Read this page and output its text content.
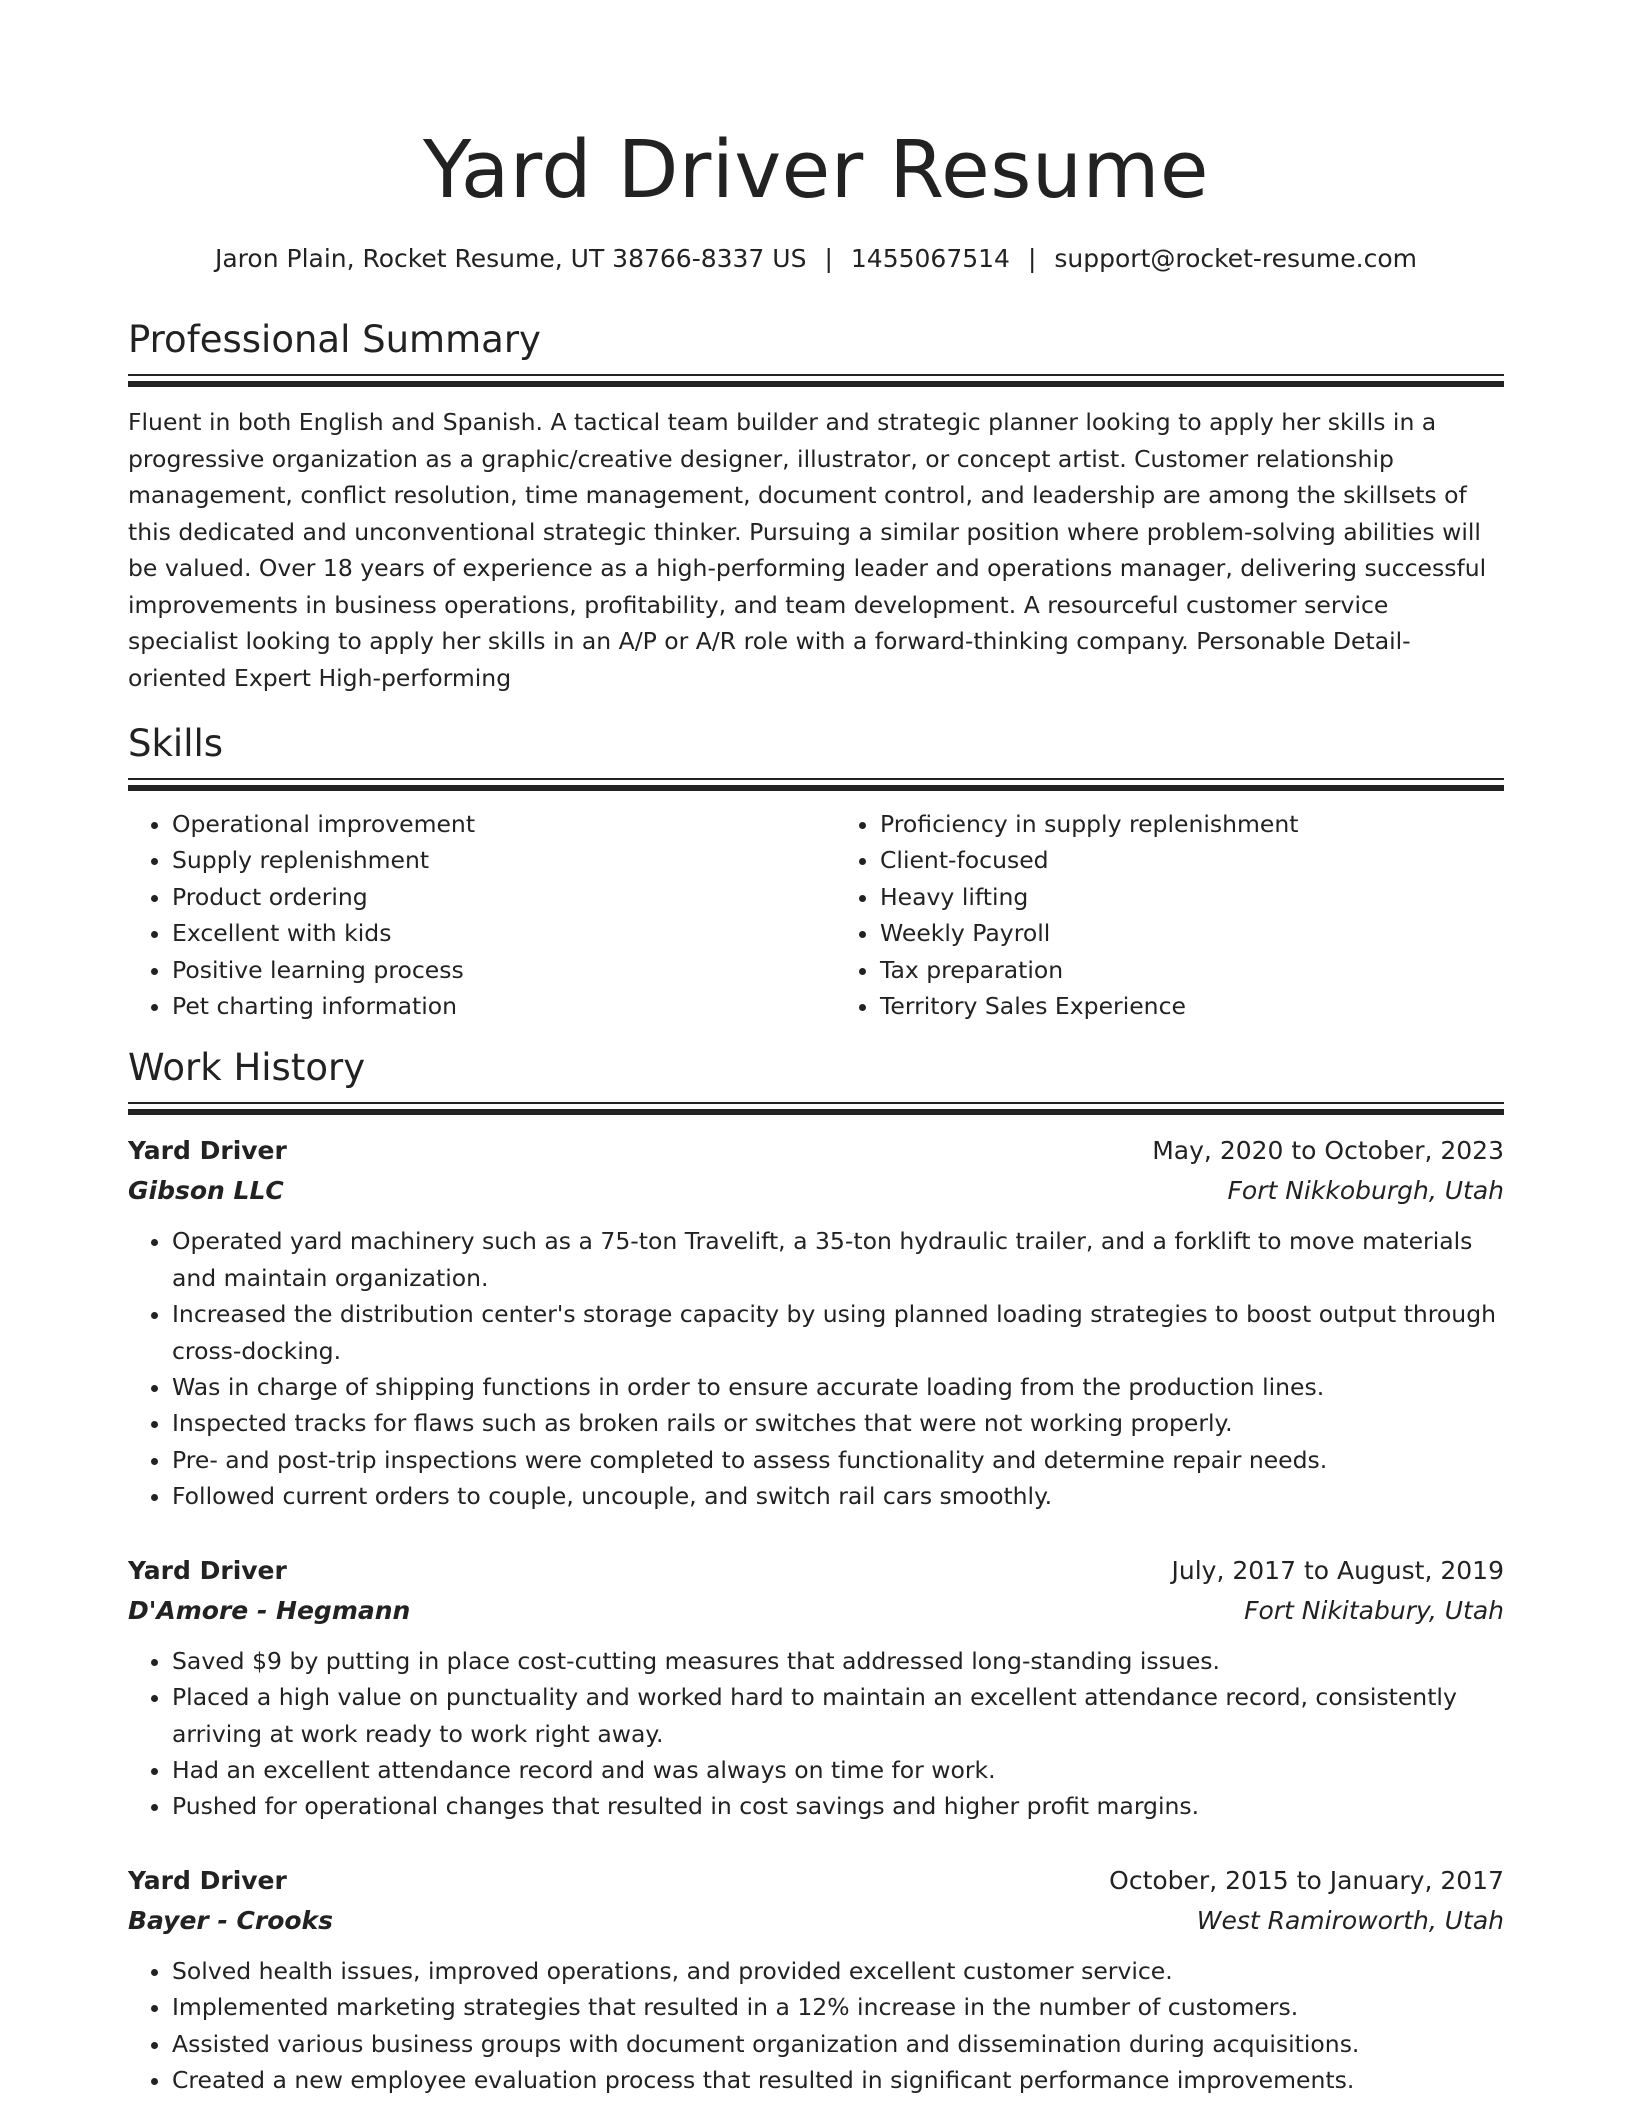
Yard Driver Resume
Jaron Plain, Rocket Resume, UT 38766-8337 US | 1455067514 | support@rocket-resume.com
Professional Summary

Fluent in both English and Spanish. A tactical team builder and strategic planner looking to apply her skills in a progressive organization as a graphic/creative designer, illustrator, or concept artist. Customer relationship management, conflict resolution, time management, document control, and leadership are among the skillsets of this dedicated and unconventional strategic thinker. Pursuing a similar position where problem-solving abilities will be valued. Over 18 years of experience as a high-performing leader and operations manager, delivering successful improvements in business operations, profitability, and team development. A resourceful customer service specialist looking to apply her skills in an A/P or A/R role with a forward-thinking company. Personable Detail-oriented Expert High-performing

Skills
• Operational improvement
• Supply replenishment
• Product ordering
• Excellent with kids
• Positive learning process
• Pet charting information
• Proficiency in supply replenishment
• Client-focused
• Heavy lifting
• Weekly Payroll
• Tax preparation
• Territory Sales Experience
Work History
Yard Driver	May, 2020 to October, 2023
Gibson LLC	Fort Nikkoburgh, Utah
• Operated yard machinery such as a 75-ton Travelift, a 35-ton hydraulic trailer, and a forklift to move materials and maintain organization.
• Increased the distribution center's storage capacity by using planned loading strategies to boost output through cross-docking.
• Was in charge of shipping functions in order to ensure accurate loading from the production lines.
• Inspected tracks for flaws such as broken rails or switches that were not working properly.
• Pre- and post-trip inspections were completed to assess functionality and determine repair needs.
• Followed current orders to couple, uncouple, and switch rail cars smoothly.
Yard Driver	July, 2017 to August, 2019
D'Amore - Hegmann	Fort Nikitabury, Utah
• Saved $9 by putting in place cost-cutting measures that addressed long-standing issues.
• Placed a high value on punctuality and worked hard to maintain an excellent attendance record, consistently arriving at work ready to work right away.
• Had an excellent attendance record and was always on time for work.
• Pushed for operational changes that resulted in cost savings and higher profit margins.
Yard Driver	October, 2015 to January, 2017
Bayer - Crooks	West Ramiroworth, Utah
• Solved health issues, improved operations, and provided excellent customer service.
• Implemented marketing strategies that resulted in a 12% increase in the number of customers.
• Assisted various business groups with document organization and dissemination during acquisitions.
• Created a new employee evaluation process that resulted in significant performance improvements.
